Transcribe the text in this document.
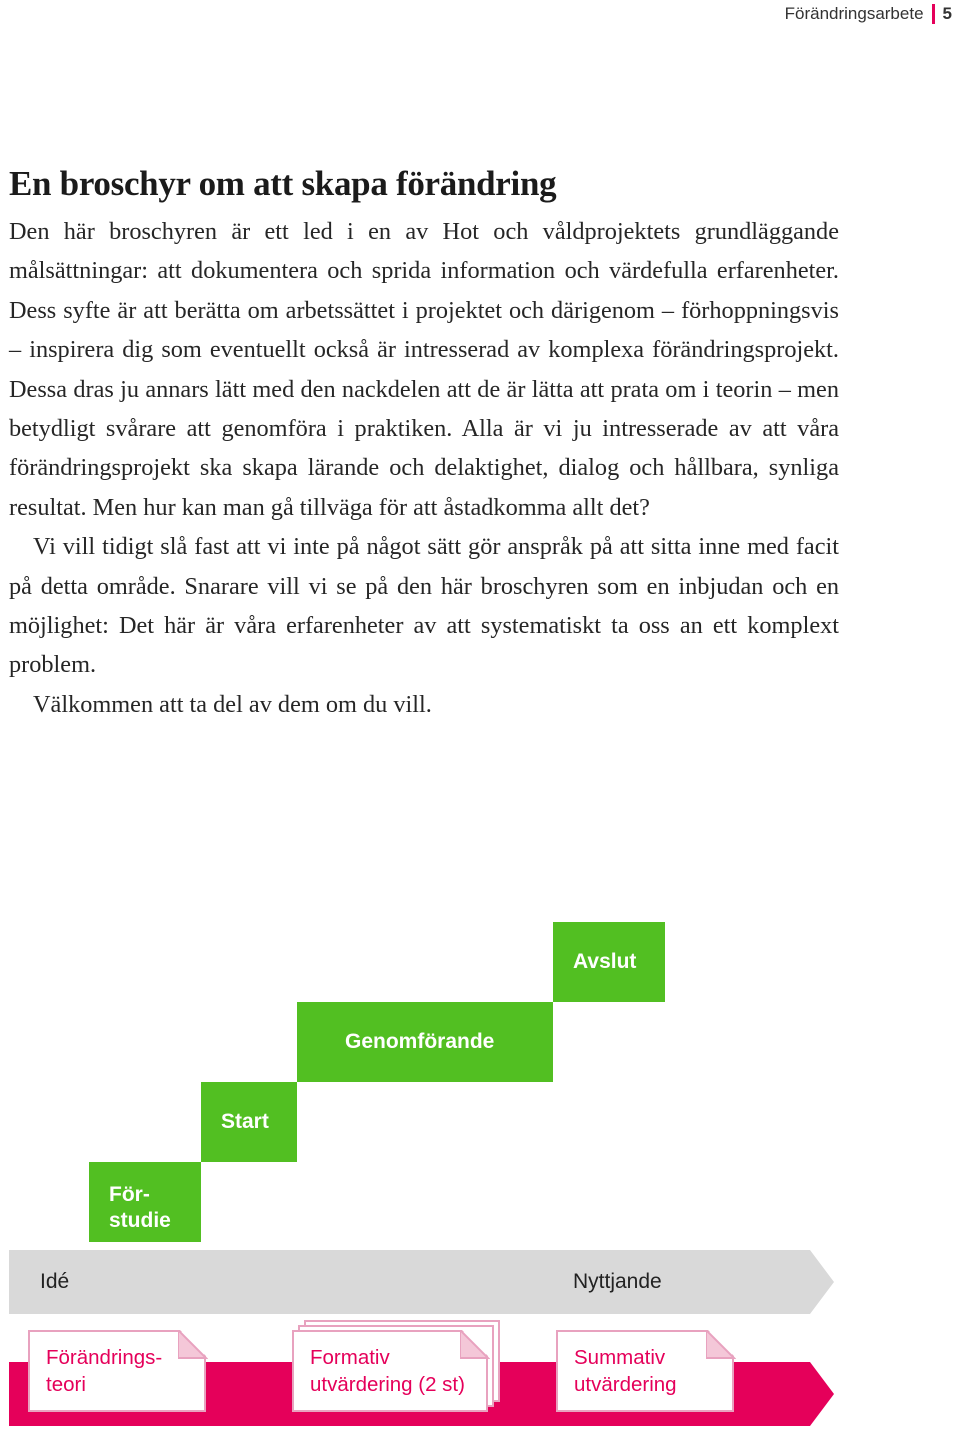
Förändringsarbete 5
En broschyr om att skapa förändring

Den här broschyren är ett led i en av Hot och våldprojektets grundläggande målsättningar: att dokumentera och sprida information och värdefulla erfarenheter. Dess syfte är att berätta om arbetssättet i projektet och därigenom – förhoppningsvis – inspirera dig som eventuellt också är intresserad av komplexa förändringsprojekt. Dessa dras ju annars lätt med den nackdelen att de är lätta att prata om i teorin – men betydligt svårare att genomföra i praktiken. Alla är vi ju intresserade av att våra förändringsprojekt ska skapa lärande och delaktighet, dialog och hållbara, synliga resultat. Men hur kan man gå tillväga för att åstadkomma allt det?

Vi vill tidigt slå fast att vi inte på något sätt gör anspråk på att sitta inne med facit på detta område. Snarare vill vi se på den här broschyren som en inbjudan och en möjlighet: Det här är våra erfarenheter av att systematiskt ta oss an ett komplext problem.

Välkommen att ta del av dem om du vill.

För-
studie
Start
Genomförande
Avslut
Idé	Nyttjande
Förändrings-
teori
Formativ
utvärdering (2 st)
Summativ
utvärdering
